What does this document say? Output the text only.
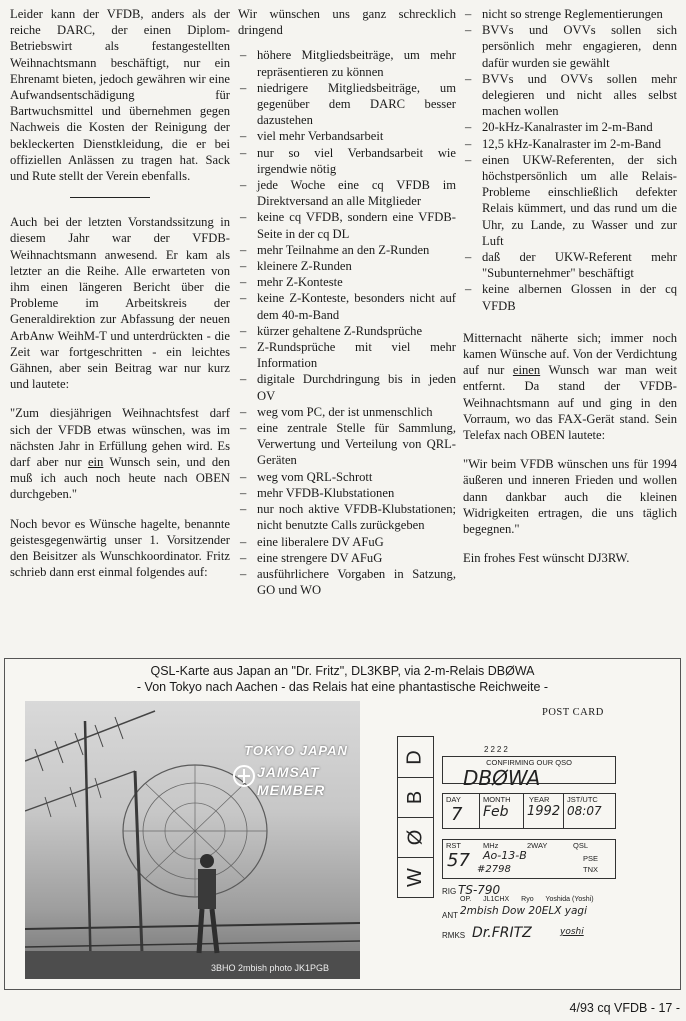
Leider kann der VFDB, anders als der reiche DARC, der einen Diplom-Betriebswirt als festangestellten Weihnachtsmann beschäftigt, nur ein Ehrenamt bieten, jedoch gewähren wir eine Aufwandsentschädigung für Bartwuchsmittel und übernehmen gegen Nachweis die Kosten der Reinigung der bekleckerten Dienstkleidung, die er bei offiziellen Anlässen zu tragen hat. Sack und Rute stellt der Verein ebenfalls.

Auch bei der letzten Vorstandssitzung in diesem Jahr war der VFDB-Weihnachtsmann anwesend. Er kam als letzter an die Reihe. Alle erwarteten von ihm einen längeren Bericht über die Probleme im Arbeitskreis der Generaldirektion zur Abfassung der neuen ArbAnw WeihM-T und unterdrückten - die Zeit war fortgeschritten - ein leichtes Gähnen, aber sein Beitrag war nur kurz und lautete:

"Zum diesjährigen Weihnachtsfest darf sich der VFDB etwas wünschen, was im nächsten Jahr in Erfüllung gehen wird. Es darf aber nur ein Wunsch sein, und den muß ich auch noch heute nach OBEN durchgeben."

Noch bevor es Wünsche hagelte, benannte geistesgegenwärtig unser 1. Vorsitzender den Beisitzer als Wunschkoordinator. Fritz schrieb dann erst einmal folgendes auf:

Wir wünschen uns ganz schrecklich dringend

– höhere Mitgliedsbeiträge, um mehr repräsentieren zu können
– niedrigere Mitgliedsbeiträge, um gegenüber dem DARC besser dazustehen
– viel mehr Verbandsarbeit
– nur so viel Verbandsarbeit wie irgendwie nötig
– jede Woche eine cq VFDB im Direktversand an alle Mitglieder
– keine cq VFDB, sondern eine VFDB-Seite in der cq DL
– mehr Teilnahme an den Z-Runden
– kleinere Z-Runden
– mehr Z-Konteste
– keine Z-Konteste, besonders nicht auf dem 40-m-Band
– kürzer gehaltene Z-Rundsprüche
– Z-Rundsprüche mit viel mehr Information
– digitale Durchdringung bis in jeden OV
– weg vom PC, der ist unmenschlich
– eine zentrale Stelle für Sammlung, Verwertung und Verteilung von QRL-Geräten
– weg vom QRL-Schrott
– mehr VFDB-Klubstationen
– nur noch aktive VFDB-Klubstationen; nicht benutzte Calls zurückgeben
– eine liberalere DV AFuG
– eine strengere DV AFuG
– ausführlichere Vorgaben in Satzung, GO und WO
– nicht so strenge Reglementierungen
– BVVs und OVVs sollen sich persönlich mehr engagieren, denn dafür wurden sie gewählt
– BVVs und OVVs sollen mehr delegieren und nicht alles selbst machen wollen
– 20-kHz-Kanalraster im 2-m-Band
– 12,5 kHz-Kanalraster im 2-m-Band
– einen UKW-Referenten, der sich höchstpersönlich um alle Relais-Probleme einschließlich defekter Relais kümmert, und das rund um die Uhr, zu Lande, zu Wasser und zur Luft
– daß der UKW-Referent mehr "Subunternehmer" beschäftigt
– keine albernen Glossen in der cq VFDB

Mitternacht näherte sich; immer noch kamen Wünsche auf. Von der Verdichtung auf nur einen Wunsch war man weit entfernt. Da stand der VFDB-Weihnachtsmann auf und ging in den Vorraum, wo das FAX-Gerät stand. Sein Telefax nach OBEN lautete:

"Wir beim VFDB wünschen uns für 1994 äußeren und inneren Frieden und wollen dann dankbar auch die kleinen Widrigkeiten ertragen, die uns täglich begegnen."

Ein frohes Fest wünscht DJ3RW.

QSL-Karte aus Japan an "Dr. Fritz", DL3KBP, via 2-m-Relais DBØWA
- Von Tokyo nach Aachen - das Relais hat eine phantastische Reichweite -
TOKYO JAPAN
JAMSAT
MEMBER
3BHO 2mbish photo JK1PGB
POST CARD
D
B
Ø
W
2222
CONFIRMING OUR QSO
DBØWA
DAY	MONTH YEAR JST/UTC
7 Feb 1992 08:07
RST	MHz	2WAY	QSL
PSE
TNX
57 Ao-13-B
#2798
RIG TS-790
ANT 2mbish Dow 20ELX yagi
RMKS Dr.FRITZ	yoshi
OP. JL1CHX Ryo Yoshida (Yoshi)
4/93 cq VFDB - 17 -
